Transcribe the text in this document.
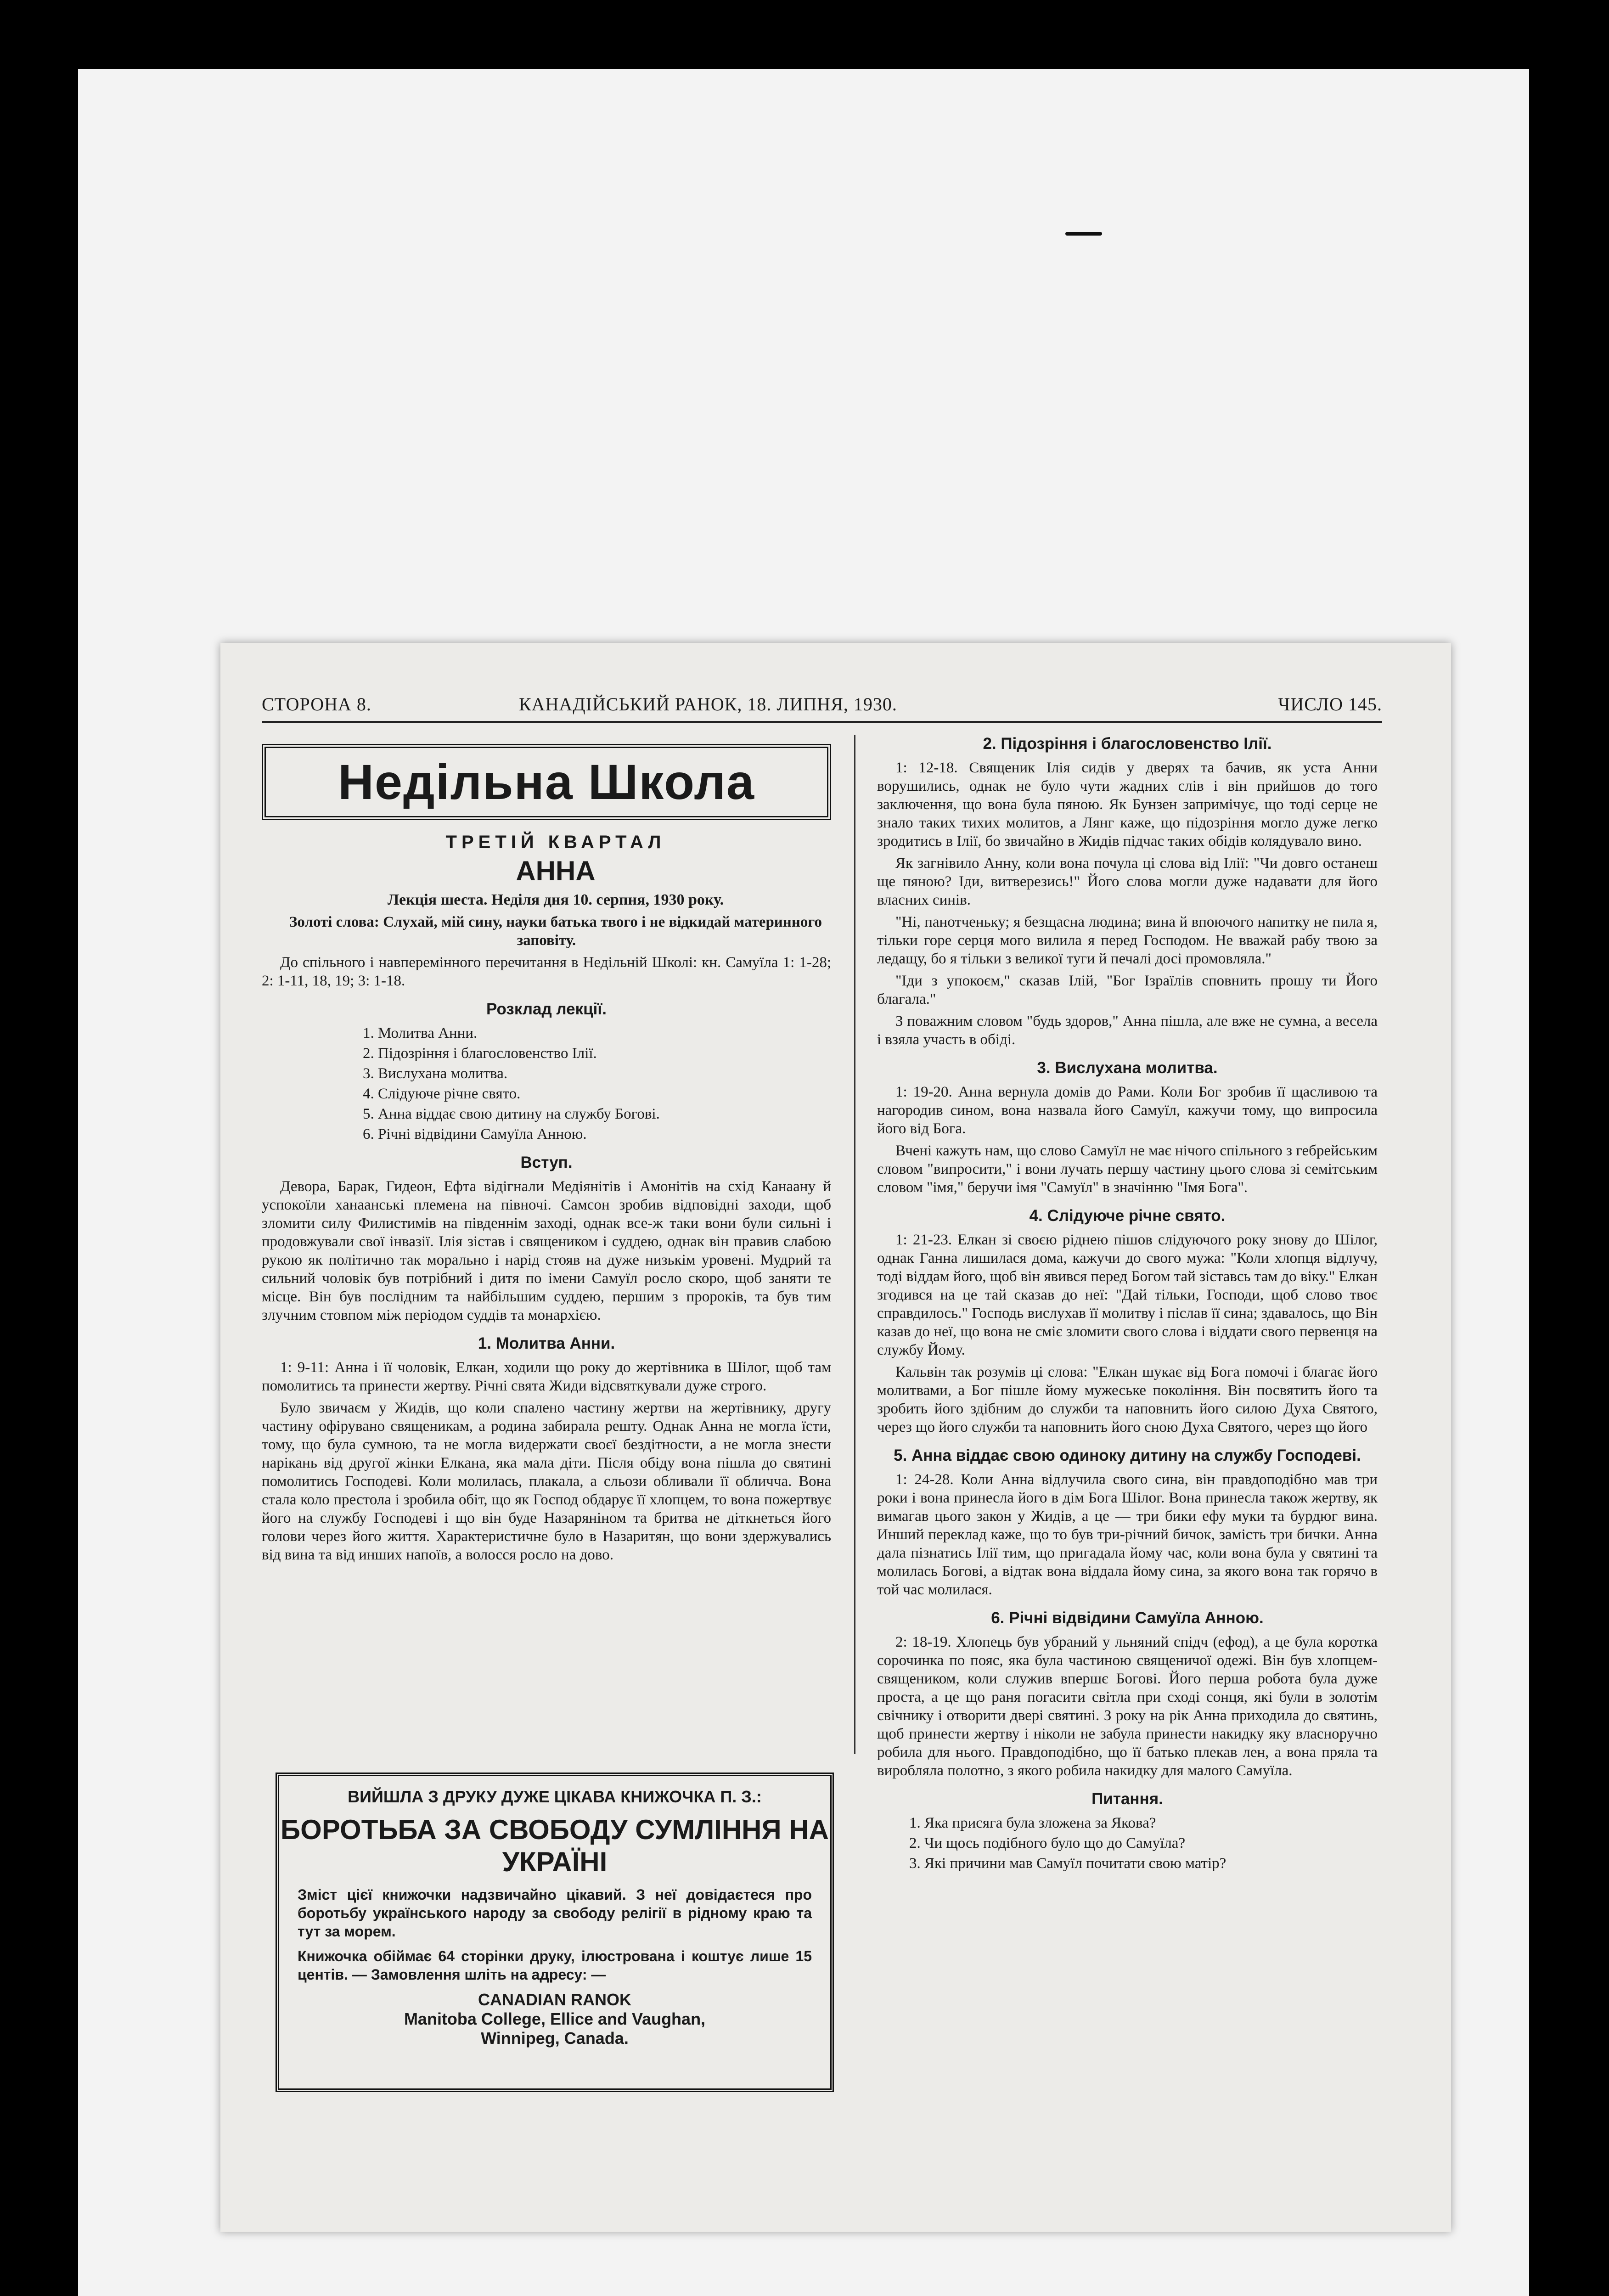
СТОРОНА 8.	КАНАДІЙСЬКИЙ РАНОК, 18. ЛИПНЯ, 1930.	ЧИСЛО 145.
Недільна Школа

ТРЕТІЙ КВАРТАЛ

АННА

Лекція шеста. Неділя дня 10. серпня, 1930 року.

Золоті слова: Слухай, мій сину, науки батька твого і не відкидай материнного заповіту.

До спільного і навперемінного перечитання в Недільній Школі: кн. Самуїла 1: 1-28; 2: 1-11, 18, 19; 3: 1-18.

Розклад лекції.
1. Молитва Анни.
2. Підозріння і благословенство Ілії.
3. Вислухана молитва.
4. Слідуюче річне свято.
5. Анна віддає свою дитину на службу Богові.
6. Річні відвідини Самуїла Анною.
Вступ.

Девора, Барак, Гидеон, Ефта відігнали Медіянітів і Амонітів на схід Канаану й успокоїли ханаанські племена на півночі. Самсон зробив відповідні заходи, щоб зломити силу Филистимів на південнім заході, однак все-ж таки вони були сильні і продовжували свої інвазії. Ілія зістав і священиком і суддею, однак він правив слабою рукою як політично так морально і нарід стояв на дуже низькім уровені. Мудрий та сильний чоловік був потрібний і дитя по імени Самуїл росло скоро, щоб заняти те місце. Він був послідним та найбільшим суддею, першим з пророків, та був тим злучним стовпом між періодом суддів та монархією.

1. Молитва Анни.

1: 9-11: Анна і її чоловік, Елкан, ходили що року до жертівника в Шілог, щоб там помолитись та принести жертву. Річні свята Жиди відсвяткували дуже строго.

Було звичаєм у Жидів, що коли спалено частину жертви на жертівнику, другу частину офірувано священикам, а родина забирала решту. Однак Анна не могла їсти, тому, що була сумною, та не могла видержати своєї бездітности, а не могла знести нарікань від другої жінки Елкана, яка мала діти. Після обіду вона пішла до святині помолитись Господеві. Коли молилась, плакала, а сльози обливали її обличча. Вона стала коло престола і зробила обіт, що як Господ обдарує її хлопцем, то вона пожертвує його на службу Господеві і що він буде Назаряніном та бритва не діткнеться його голови через його життя. Характеристичне було в Назаритян, що вони здержувались від вина та від инших напоїв, а волосся росло на дово.

ВИЙШЛА З ДРУКУ ДУЖЕ ЦІКАВА КНИЖОЧКА П. З.:

БОРОТЬБА ЗА СВОБОДУ СУМЛІННЯ НА УКРАЇНІ

Зміст цієї книжочки надзвичайно цікавий. З неї довідаєтеся про боротьбу українського народу за свободу релігії в рідному краю та тут за морем.

Книжочка обіймає 64 сторінки друку, ілюстрована і коштує лише 15 центів. — Замовлення шліть на адресу: —

CANADIAN RANOK

Manitoba College, Ellice and Vaughan,

Winnipeg, Canada.

2. Підозріння і благословенство Ілії.

1: 12-18. Священик Ілія сидів у дверях та бачив, як уста Анни ворушились, однак не було чути жадних слів і він прийшов до того заключення, що вона була пяною. Як Бунзен запримічує, що тоді серце не знало таких тихих молитов, а Лянг каже, що підозріння могло дуже легко зродитись в Ілії, бо звичайно в Жидів підчас таких обідів колядувало вино.

Як загнівило Анну, коли вона почула ці слова від Ілії: "Чи довго останеш ще пяною? Іди, витверезись!" Його слова могли дуже надавати для його власних синів.

"Ні, панотченьку; я безщасна людина; вина й впоючого напитку не пила я, тільки горе серця мого вилила я перед Господом. Не вважай рабу твою за ледащу, бо я тільки з великої туги й печалі досі промовляла."

"Іди з упокоєм," сказав Ілій, "Бог Ізраїлів сповнить прошу ти Його благала."

З поважним словом "будь здоров," Анна пішла, але вже не сумна, а весела і взяла участь в обіді.

3. Вислухана молитва.

1: 19-20. Анна вернула домів до Рами. Коли Бог зробив її щасливою та нагородив сином, вона назвала його Самуїл, кажучи тому, що випросила його від Бога.

Вчені кажуть нам, що слово Самуїл не має нічого спільного з гебрейським словом "випросити," і вони лучать першу частину цього слова зі семітським словом "імя," беручи імя "Самуїл" в значінню "Імя Бога".

4. Слідуюче річне свято.

1: 21-23. Елкан зі своєю ріднею пішов слідуючого року знову до Шілог, однак Ганна лишилася дома, кажучи до свого мужа: "Коли хлопця відлучу, тоді віддам його, щоб він явився перед Богом тай зіставсь там до віку." Елкан згодився на це тай сказав до неї: "Дай тільки, Господи, щоб слово твоє справдилось." Господь вислухав її молитву і післав її сина; здавалось, що Він казав до неї, що вона не сміє зломити свого слова і віддати свого первенця на службу Йому.

Кальвін так розумів ці слова: "Елкан шукає від Бога помочі і благає його молитвами, а Бог пішле йому мужеське покоління. Він посвятить його та зробить його здібним до служби та наповнить його силою Духа Святого, через що його служби та наповнить його сною Духа Святого, через що його

5. Анна віддає свою одиноку дитину на службу Господеві.

1: 24-28. Коли Анна відлучила свого сина, він правдоподібно мав три роки і вона принесла його в дім Бога Шілог. Вона принесла також жертву, як вимагав цього закон у Жидів, а це — три бики ефу муки та бурдюг вина. Инший переклад каже, що то був три-річний бичок, замість три бички. Анна дала пізнатись Ілії тим, що пригадала йому час, коли вона була у святині та молилась Богові, а відтак вона віддала йому сина, за якого вона так горячо в той час молилася.

6. Річні відвідини Самуїла Анною.

2: 18-19. Хлопець був убраний у льняний спідч (ефод), а це була коротка сорочинка по пояс, яка була частиною священичої одежі. Він був хлопцем-священиком, коли служив впершє Богові. Його перша робота була дуже проста, а це що раня погасити світла при сході сонця, які були в золотім свічнику і отворити двері святині. З року на рік Анна приходила до святинь, щоб принести жертву і ніколи не забула принести накидку яку власноручно робила для нього. Правдоподібно, що її батько плекав лен, а вона пряла та виробляла полотно, з якого робила накидку для малого Самуїла.

Питання.
1. Яка присяга була зложена за Якова?
2. Чи щось подібного було що до Самуїла?
3. Які причини мав Самуїл почитати свою матір?
